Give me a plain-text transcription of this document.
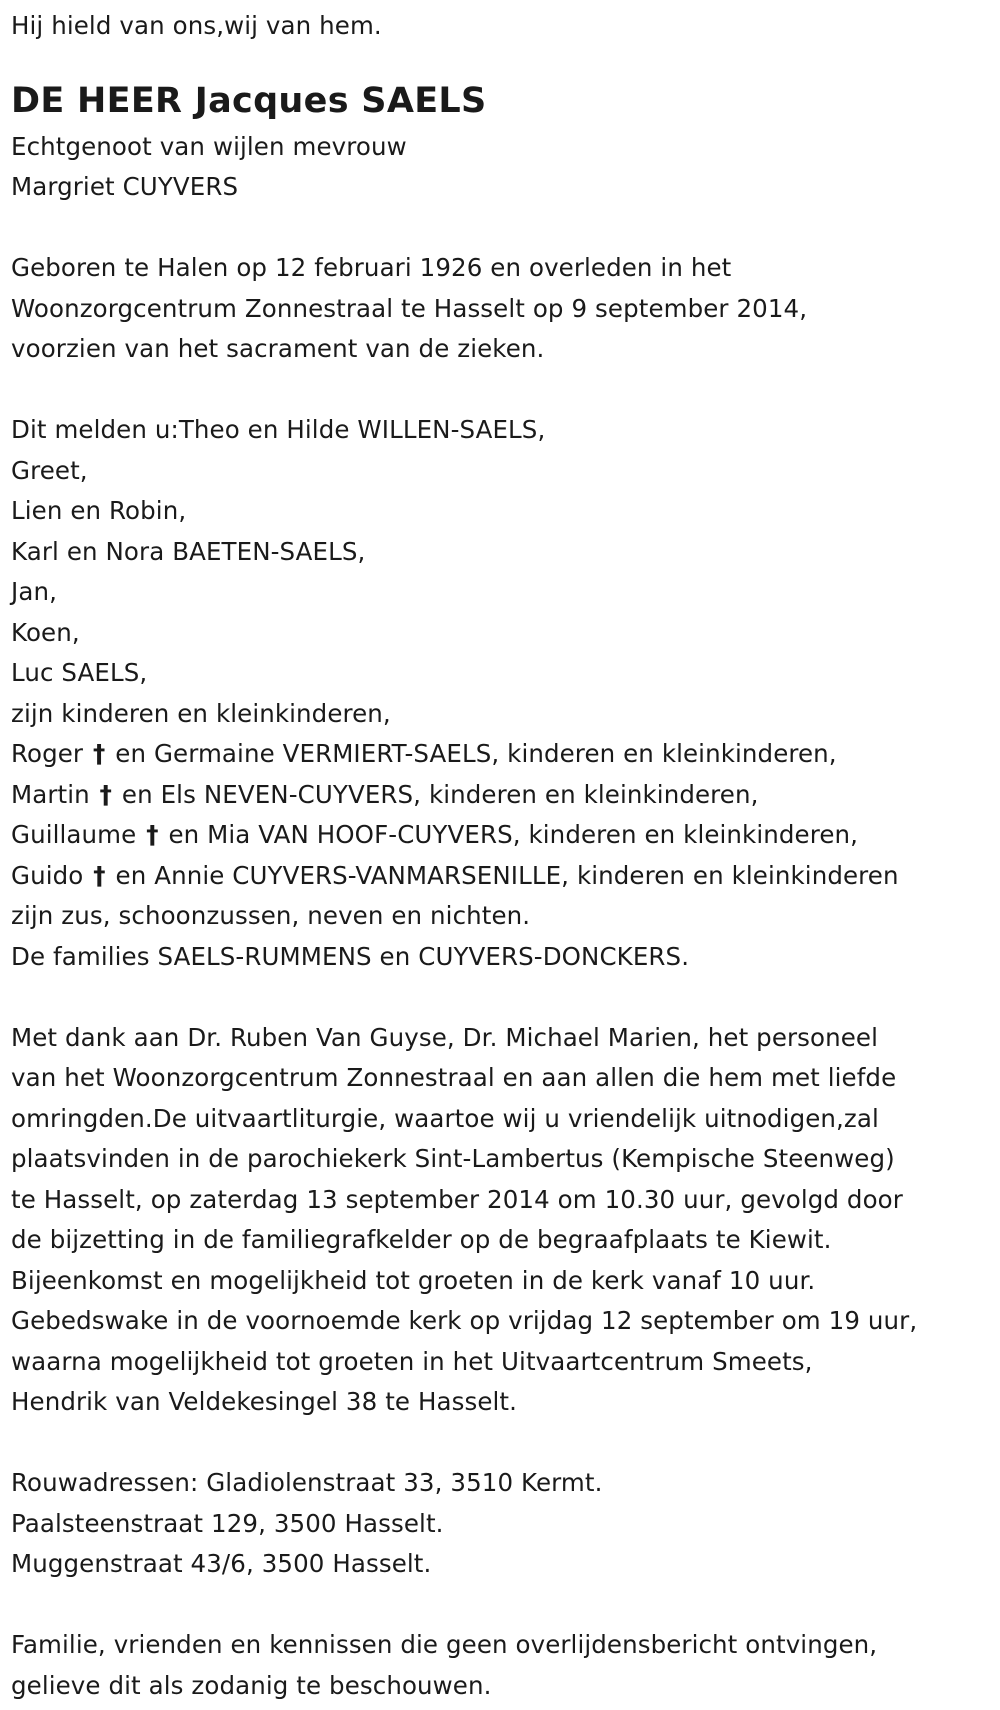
Hij hield van ons,wij van hem.
DE HEER Jacques SAELS
Echtgenoot van wijlen mevrouw
Margriet CUYVERS
Geboren te Halen op 12 februari 1926 en overleden in het
Woonzorgcentrum Zonnestraal te Hasselt op 9 september 2014,
voorzien van het sacrament van de zieken.
Dit melden u:Theo en Hilde WILLEN-SAELS,
Greet,
Lien en Robin,
Karl en Nora BAETEN-SAELS,
Jan,
Koen,
Luc SAELS,
zijn kinderen en kleinkinderen,
Roger † en Germaine VERMIERT-SAELS, kinderen en kleinkinderen,
Martin † en Els NEVEN-CUYVERS, kinderen en kleinkinderen,
Guillaume † en Mia VAN HOOF-CUYVERS, kinderen en kleinkinderen,
Guido † en Annie CUYVERS-VANMARSENILLE, kinderen en kleinkinderen
zijn zus, schoonzussen, neven en nichten.
De families SAELS-RUMMENS en CUYVERS-DONCKERS.
Met dank aan Dr. Ruben Van Guyse, Dr. Michael Marien, het personeel
van het Woonzorgcentrum Zonnestraal en aan allen die hem met liefde
omringden.De uitvaartliturgie, waartoe wij u vriendelijk uitnodigen,zal
plaatsvinden in de parochiekerk Sint-Lambertus (Kempische Steenweg)
te Hasselt, op zaterdag 13 september 2014 om 10.30 uur, gevolgd door
de bijzetting in de familiegrafkelder op de begraafplaats te Kiewit.
Bijeenkomst en mogelijkheid tot groeten in de kerk vanaf 10 uur.
Gebedswake in de voornoemde kerk op vrijdag 12 september om 19 uur,
waarna mogelijkheid tot groeten in het Uitvaartcentrum Smeets,
Hendrik van Veldekesingel 38 te Hasselt.
Rouwadressen: Gladiolenstraat 33, 3510 Kermt.
Paalsteenstraat 129, 3500 Hasselt.
Muggenstraat 43/6, 3500 Hasselt.
Familie, vrienden en kennissen die geen overlijdensbericht ontvingen,
gelieve dit als zodanig te beschouwen.
